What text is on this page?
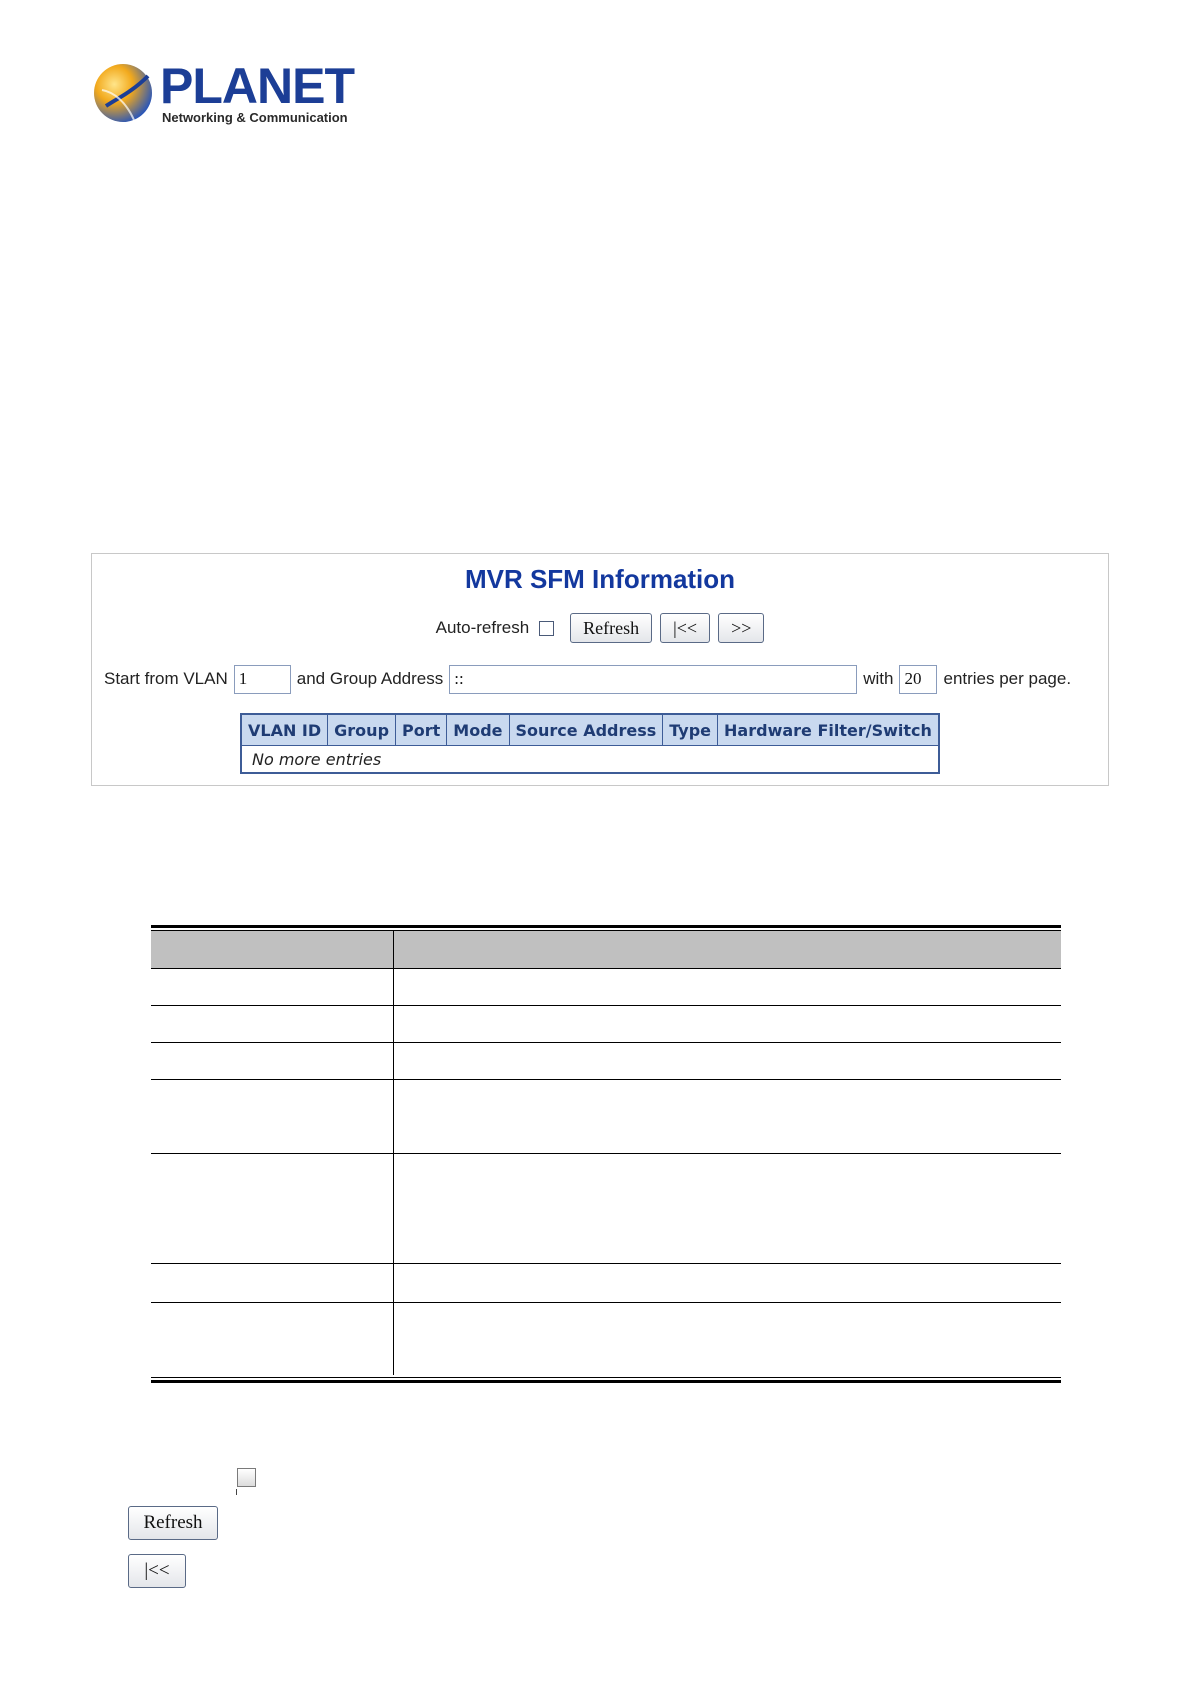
PLANET
Networking & Communication
MVR SFM Information
Auto-refresh	Refresh	|<<	>>
Start from VLAN 1	and Group Address ::	with 20	entries per page.
VLAN ID	Group	Port	Mode	Source Address	Type	Hardware Filter/Switch
No more entries
Refresh
|<<
